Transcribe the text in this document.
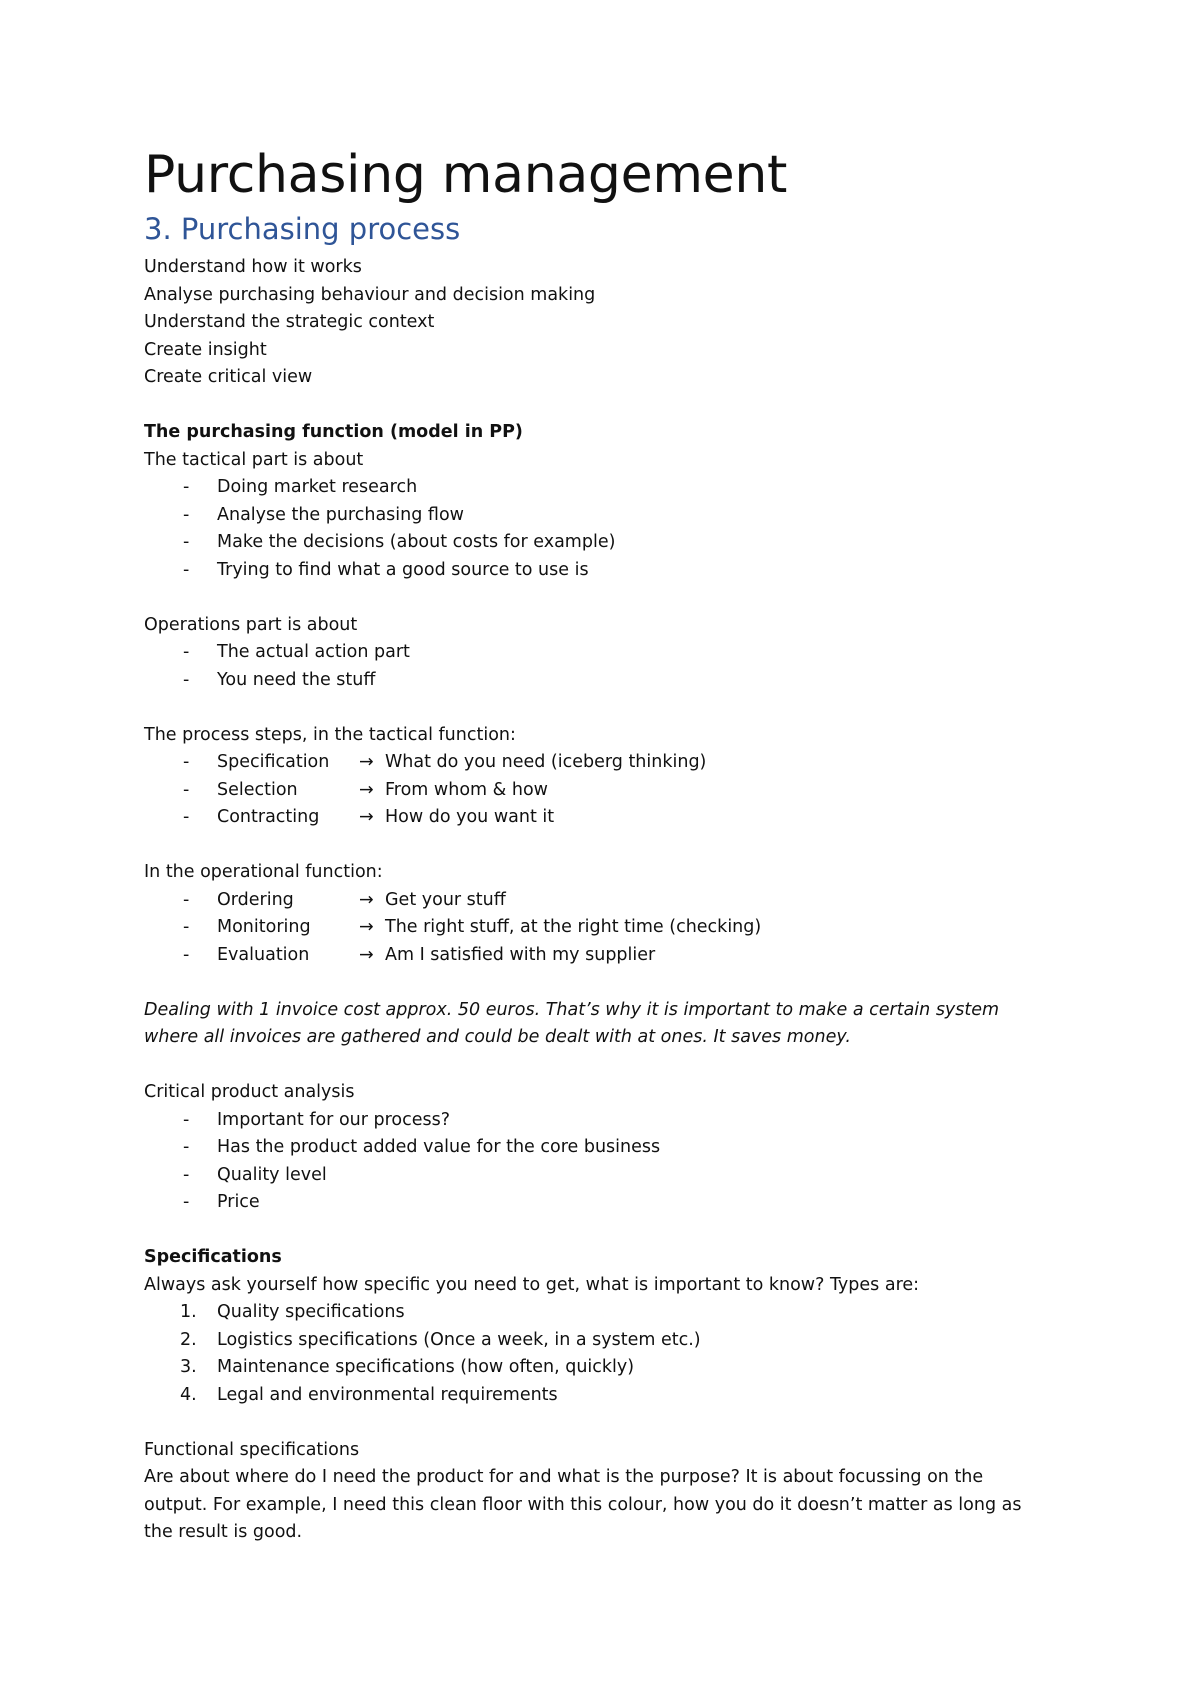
Purchasing management
3. Purchasing process

Understand how it works

Analyse purchasing behaviour and decision making

Understand the strategic context

Create insight

Create critical view

The purchasing function (model in PP)

The tactical part is about

- Doing market research
- Analyse the purchasing flow
- Make the decisions (about costs for example)
- Trying to find what a good source to use is

Operations part is about

- The actual action part
- You need the stuff

The process steps, in the tactical function:

- Specification → What do you need (iceberg thinking)
- Selection	→ From whom & how
- Contracting → How do you want it

In the operational function:

- Ordering	→ Get your stuff
- Monitoring	→ The right stuff, at the right time (checking)
- Evaluation	→ Am I satisfied with my supplier

Dealing with 1 invoice cost approx. 50 euros. That’s why it is important to make a certain system

where all invoices are gathered and could be dealt with at ones. It saves money.

Critical product analysis

- Important for our process?
- Has the product added value for the core business
- Quality level
- Price

Specifications

Always ask yourself how specific you need to get, what is important to know? Types are:

1. Quality specifications
2. Logistics specifications (Once a week, in a system etc.)
3. Maintenance specifications (how often, quickly)
4. Legal and environmental requirements

Functional specifications

Are about where do I need the product for and what is the purpose? It is about focussing on the

output. For example, I need this clean floor with this colour, how you do it doesn’t matter as long as

the result is good.
